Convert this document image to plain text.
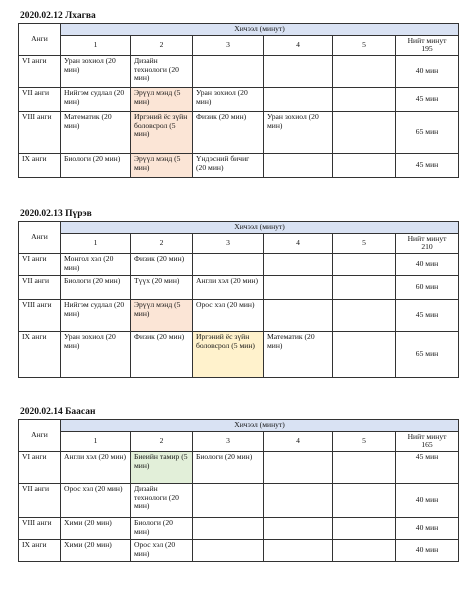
2020.02.12 Лхагва
Анги	Хичээл (минут)					
	1	2	3	4	5	Нийт минут
195
VI анги	Уран зохиол (20 мин)	Дизайн технологи (20 мин)				40 мин
VII анги	Нийгэм судлал (20 мин)	Эрүүл мэнд (5 мин)	Уран зохиол (20 мин)			45 мин
VIII анги	Математик (20 мин)	Иргэний ёс зүйн боловсрол (5 мин)	Физик (20 мин)	Уран зохиол (20 мин)		65 мин
IX анги	Биологи (20 мин)	Эрүүл мэнд (5 мин)	Үндэсний бичиг (20 мин)			45 мин
2020.02.13 Пүрэв
Анги	Хичээл (минут)					
	1	2	3	4	5	Нийт минут
210
VI анги	Монгол хэл (20 мин)	Физик (20 мин)				40 мин
VII анги	Биологи (20 мин)	Түүх (20 мин)	Англи хэл (20 мин)			60 мин
VIII анги	Нийгэм судлал (20 мин)	Эрүүл мэнд (5 мин)	Орос хэл (20 мин)			45 мин
IX анги	Уран зохиол (20 мин)	Физик (20 мин)	Иргэний ёс зүйн боловсрол (5 мин)	Математик (20 мин)		65 мин
2020.02.14 Баасан
Анги	Хичээл (минут)					
	1	2	3	4	5	Нийт минут
165
VI анги	Англи хэл (20 мин)	Биеийн тамир (5 мин)	Биологи (20 мин)			45 мин
VII анги	Орос хэл (20 мин)	Дизайн технологи (20 мин)				40 мин
VIII анги	Хими (20 мин)	Биологи (20 мин)				40 мин
IX анги	Хими (20 мин)	Орос хэл (20 мин)				40 мин
